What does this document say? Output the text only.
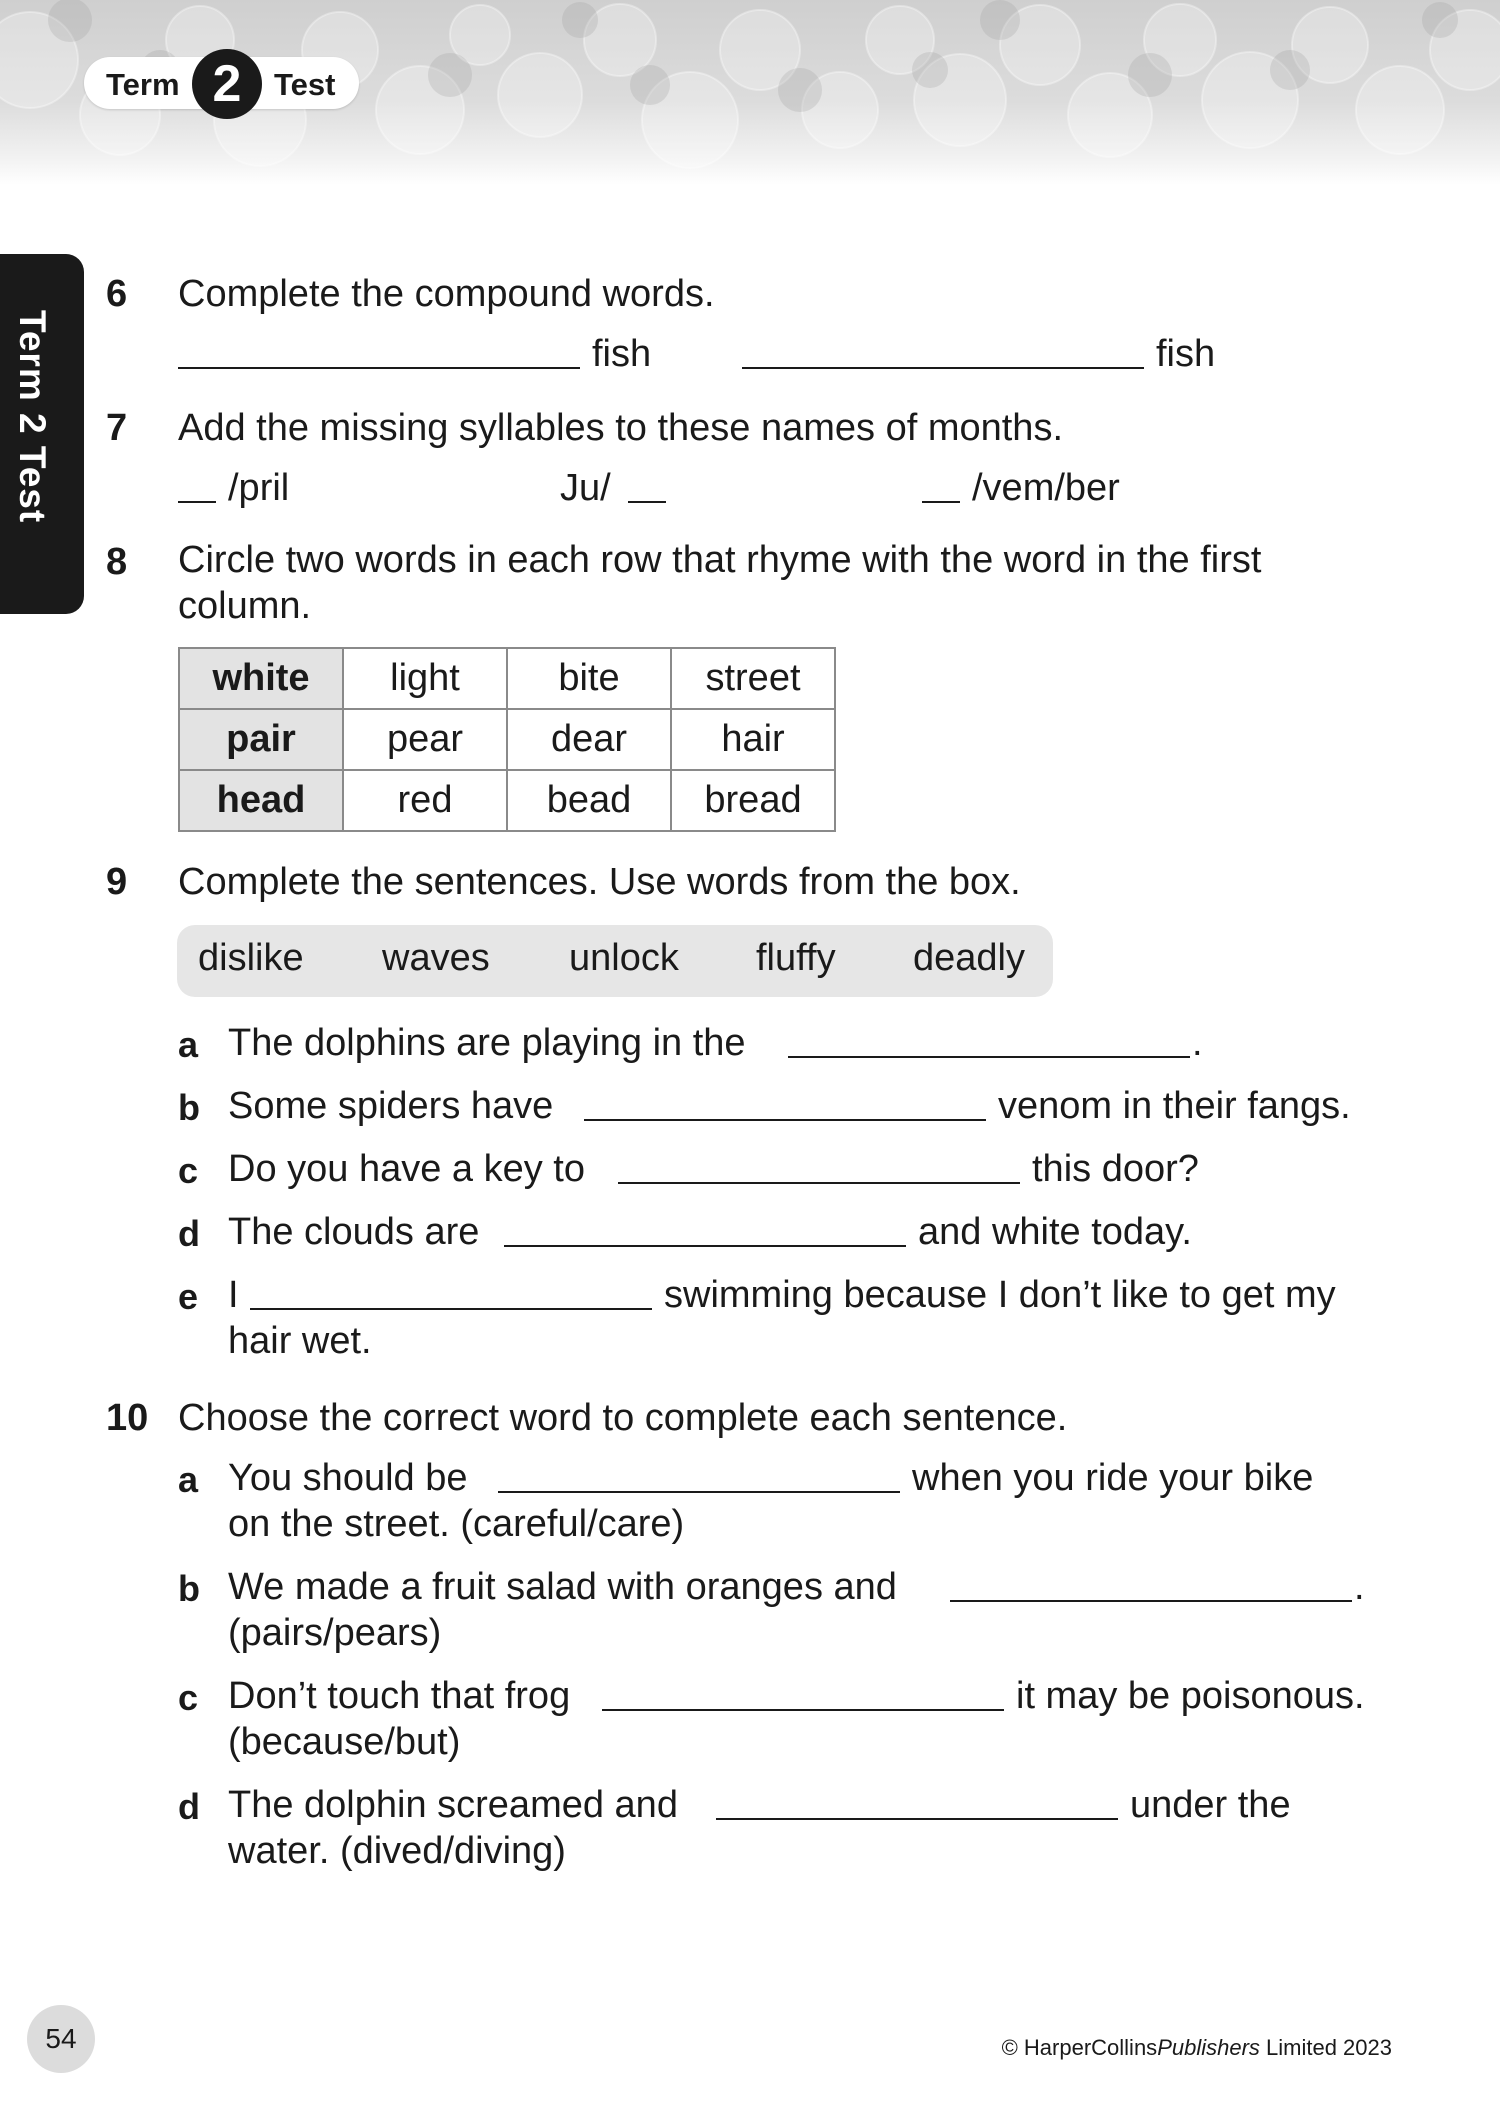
Term 2	Test
Term 2 Test
6 Complete the compound words.
fish	fish
7 Add the missing syllables to these names of months.
/pril	Ju/	/vem/ber
8 Circle two words in each row that rhyme with the word in the first column.
white	light	bite	street
pair	pear	dear	hair
head	red	bead	bread
9 Complete the sentences. Use words from the box.
dislike waves unlock fluffy deadly
a The dolphins are playing in the	.
b Some spiders have	venom in their fangs.
c Do you have a key to	this door?
d The clouds are	and white today.
e I	swimming because I don’t like to get my
hair wet.
10 Choose the correct word to complete each sentence.
a You should be	when you ride your bike
on the street. (careful/care)
b We made a fruit salad with oranges and	.
(pairs/pears)
c Don’t touch that frog	it may be poisonous.
(because/but)
d The dolphin screamed and	under the
water. (dived/diving)
54	© HarperCollinsPublishers Limited 2023
